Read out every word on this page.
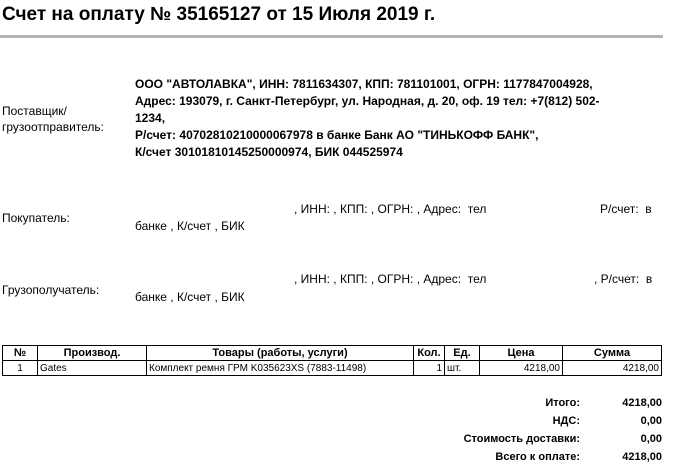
Счет на оплату № 35165127 от 15 Июля 2019 г.
Поставщик/
грузоотправитель:
ООО "АВТОЛАВКА", ИНН: 7811634307, КПП: 781101001, ОГРН: 1177847004928,
Адрес: 193079, г. Санкт-Петербург, ул. Народная, д. 20, оф. 19 тел: +7(812) 502-
1234,
Р/счет: 40702810210000067978 в банке Банк АО "ТИНЬКОФФ БАНК",
К/счет 30101810145250000974, БИК 044525974
Покупатель:
, ИНН: , КПП: , ОГРН: , Адрес:  тел	Р/счет:  в
банке , К/счет , БИК
Грузополучатель:
, ИНН: , КПП: , ОГРН: , Адрес:  тел	, Р/счет:  в
банке , К/счет , БИК
№	Производ.	Товары (работы, услуги)	Кол.	Ед.	Цена	Сумма
1	Gates	Комплект ремня ГРМ K035623XS (7883-11498)	1	шт.	4218,00	4218,00
Итого:	4218,00
НДС:	0,00
Стоимость доставки:	0,00
Всего к оплате:	4218,00
